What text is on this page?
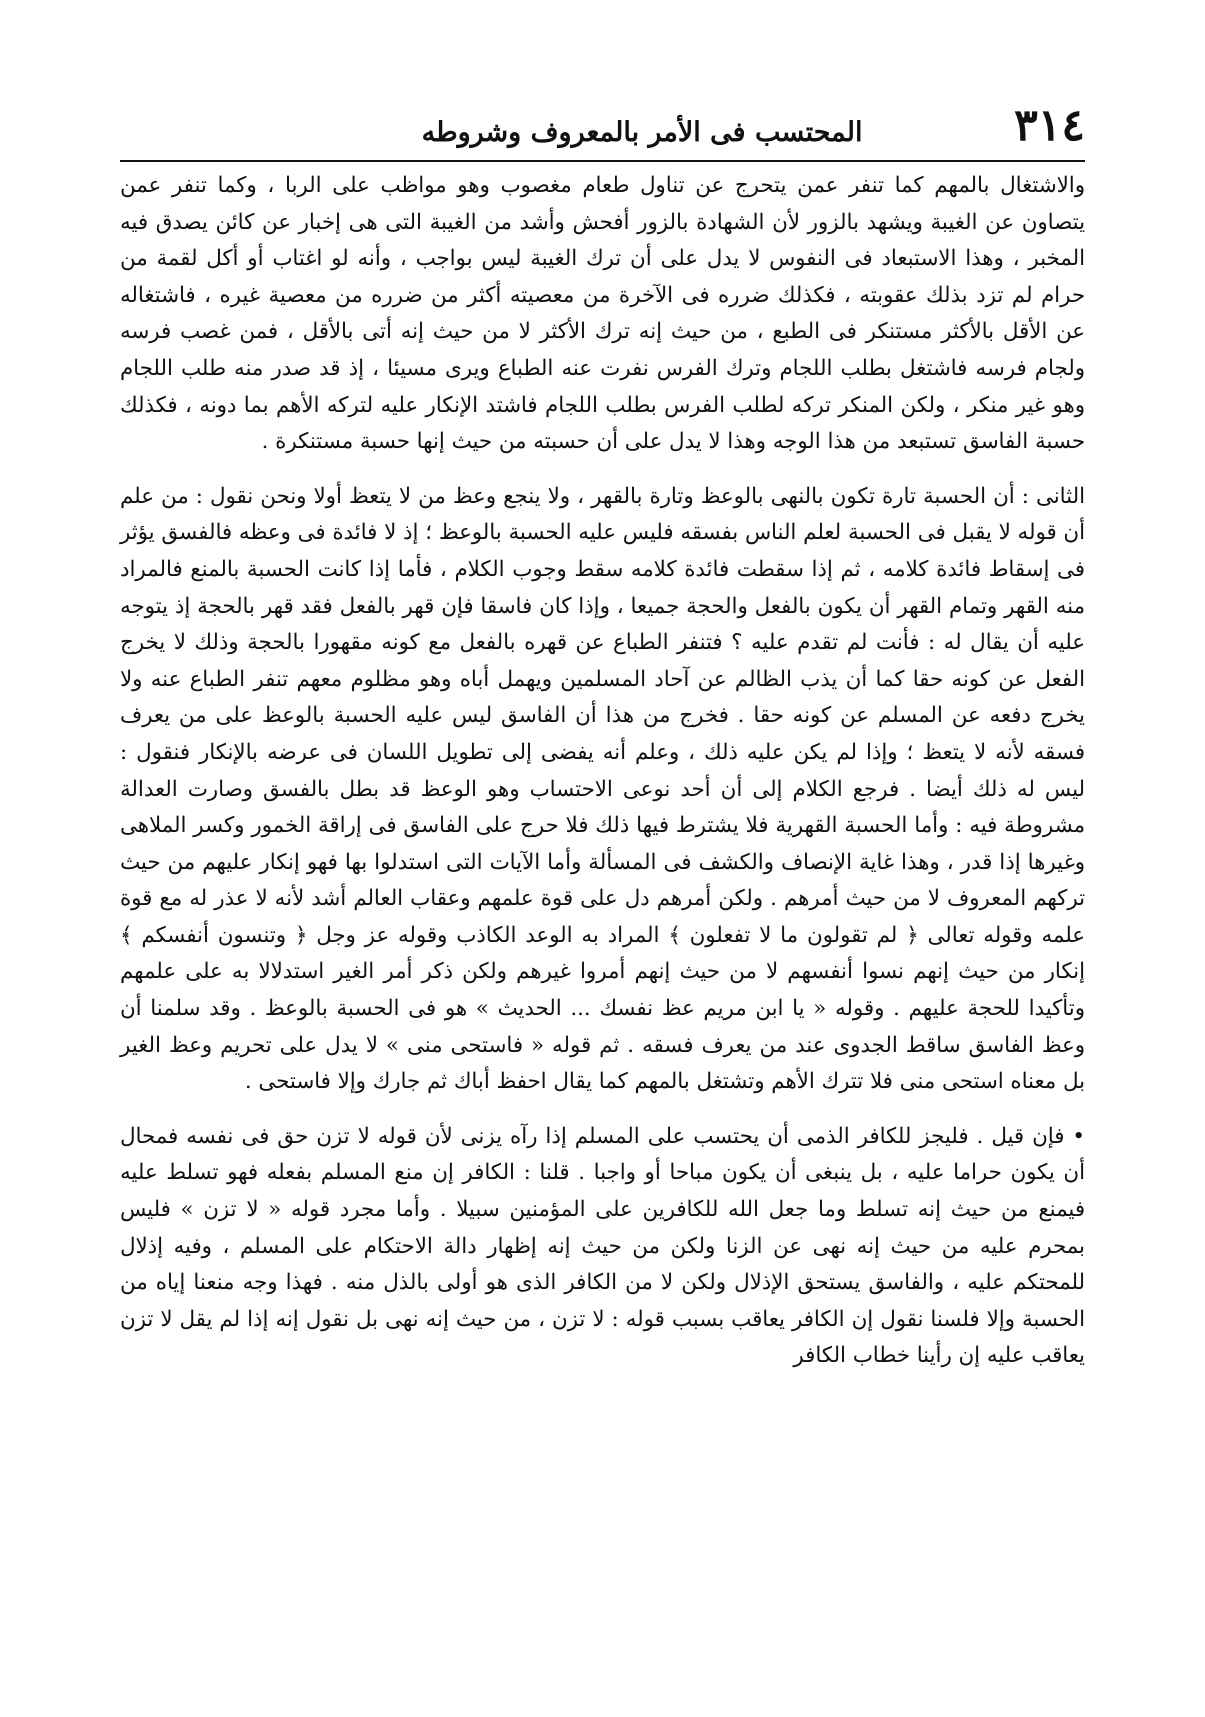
٣١٤
المحتسب فى الأمر بالمعروف وشروطه

والاشتغال بالمهم كما تنفر عمن يتحرج عن تناول طعام مغصوب وهو مواظب على الربا ، وكما تنفر عمن يتصاون عن الغيبة ويشهد بالزور لأن الشهادة بالزور أفحش وأشد من الغيبة التى هى إخبار عن كائن يصدق فيه المخبر ، وهذا الاستبعاد فى النفوس لا يدل على أن ترك الغيبة ليس بواجب ، وأنه لو اغتاب أو أكل لقمة من حرام لم تزد بذلك عقوبته ، فكذلك ضرره فى الآخرة من معصيته أكثر من ضرره من معصية غيره ، فاشتغاله عن الأقل بالأكثر مستنكر فى الطبع ، من حيث إنه ترك الأكثر لا من حيث إنه أتى بالأقل ، فمن غصب فرسه ولجام فرسه فاشتغل بطلب اللجام وترك الفرس نفرت عنه الطباع ويرى مسيئا ، إذ قد صدر منه طلب اللجام وهو غير منكر ، ولكن المنكر تركه لطلب الفرس بطلب اللجام فاشتد الإنكار عليه لتركه الأهم بما دونه ، فكذلك حسبة الفاسق تستبعد من هذا الوجه وهذا لا يدل على أن حسبته من حيث إنها حسبة مستنكرة .

الثانى : أن الحسبة تارة تكون بالنهى بالوعظ وتارة بالقهر ، ولا ينجع وعظ من لا يتعظ أولا ونحن نقول : من علم أن قوله لا يقبل فى الحسبة لعلم الناس بفسقه فليس عليه الحسبة بالوعظ ؛ إذ لا فائدة فى وعظه فالفسق يؤثر فى إسقاط فائدة كلامه ، ثم إذا سقطت فائدة كلامه سقط وجوب الكلام ، فأما إذا كانت الحسبة بالمنع فالمراد منه القهر وتمام القهر أن يكون بالفعل والحجة جميعا ، وإذا كان فاسقا فإن قهر بالفعل فقد قهر بالحجة إذ يتوجه عليه أن يقال له : فأنت لم تقدم عليه ؟ فتنفر الطباع عن قهره بالفعل مع كونه مقهورا بالحجة وذلك لا يخرج الفعل عن كونه حقا كما أن يذب الظالم عن آحاد المسلمين ويهمل أباه وهو مظلوم معهم تنفر الطباع عنه ولا يخرج دفعه عن المسلم عن كونه حقا . فخرج من هذا أن الفاسق ليس عليه الحسبة بالوعظ على من يعرف فسقه لأنه لا يتعظ ؛ وإذا لم يكن عليه ذلك ، وعلم أنه يفضى إلى تطويل اللسان فى عرضه بالإنكار فنقول : ليس له ذلك أيضا . فرجع الكلام إلى أن أحد نوعى الاحتساب وهو الوعظ قد بطل بالفسق وصارت العدالة مشروطة فيه : وأما الحسبة القهرية فلا يشترط فيها ذلك فلا حرج على الفاسق فى إراقة الخمور وكسر الملاهى وغيرها إذا قدر ، وهذا غاية الإنصاف والكشف فى المسألة وأما الآيات التى استدلوا بها فهو إنكار عليهم من حيث تركهم المعروف لا من حيث أمرهم . ولكن أمرهم دل على قوة علمهم وعقاب العالم أشد لأنه لا عذر له مع قوة علمه وقوله تعالى ﴿ لم تقولون ما لا تفعلون ﴾ المراد به الوعد الكاذب وقوله عز وجل ﴿ وتنسون أنفسكم ﴾ إنكار من حيث إنهم نسوا أنفسهم لا من حيث إنهم أمروا غيرهم ولكن ذكر أمر الغير استدلالا به على علمهم وتأكيدا للحجة عليهم . وقوله « يا ابن مريم عظ نفسك ... الحديث » هو فى الحسبة بالوعظ . وقد سلمنا أن وعظ الفاسق ساقط الجدوى عند من يعرف فسقه . ثم قوله « فاستحى منى » لا يدل على تحريم وعظ الغير بل معناه استحى منى فلا تترك الأهم وتشتغل بالمهم كما يقال احفظ أباك ثم جارك وإلا فاستحى .

• فإن قيل . فليجز للكافر الذمى أن يحتسب على المسلم إذا رآه يزنى لأن قوله لا تزن حق فى نفسه فمحال أن يكون حراما عليه ، بل ينبغى أن يكون مباحا أو واجبا . قلنا : الكافر إن منع المسلم بفعله فهو تسلط عليه فيمنع من حيث إنه تسلط وما جعل الله للكافرين على المؤمنين سبيلا . وأما مجرد قوله « لا تزن » فليس بمحرم عليه من حيث إنه نهى عن الزنا ولكن من حيث إنه إظهار دالة الاحتكام على المسلم ، وفيه إذلال للمحتكم عليه ، والفاسق يستحق الإذلال ولكن لا من الكافر الذى هو أولى بالذل منه . فهذا وجه منعنا إياه من الحسبة وإلا فلسنا نقول إن الكافر يعاقب بسبب قوله : لا تزن ، من حيث إنه نهى بل نقول إنه إذا لم يقل لا تزن يعاقب عليه إن رأينا خطاب الكافر
